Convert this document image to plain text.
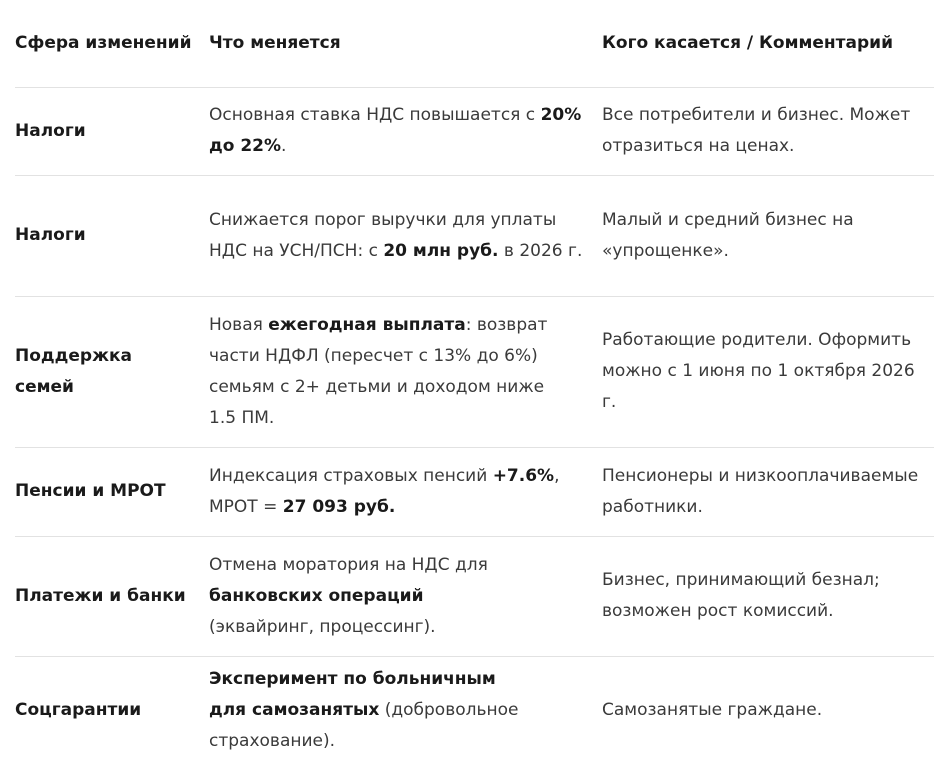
Сфера изменений	Что меняется	Кого касается / Комментарий

Налоги	Основная ставка НДС повышается с 20% до 22%.	Все потребители и бизнес. Может отразиться на ценах.

Налоги	Снижается порог выручки для уплаты НДС на УСН/ПСН: с 20 млн руб. в 2026 г.	Малый и средний бизнес на «упрощенке».

Поддержка семей	Новая ежегодная выплата: возврат части НДФЛ (пересчет с 13% до 6%) семьям с 2+ детьми и доходом ниже 1.5 ПМ.	Работающие родители. Оформить можно с 1 июня по 1 октября 2026 г.

Пенсии и МРОТ	Индексация страховых пенсий +7.6%, МРОТ = 27 093 руб.	Пенсионеры и низкооплачиваемые работники.

Платежи и банки	Отмена моратория на НДС для банковских операций (эквайринг, процессинг).	Бизнес, принимающий безнал; возможен рост комиссий.

Соцгарантии	Эксперимент по больничным для самозанятых (добровольное страхование).	Самозанятые граждане.
